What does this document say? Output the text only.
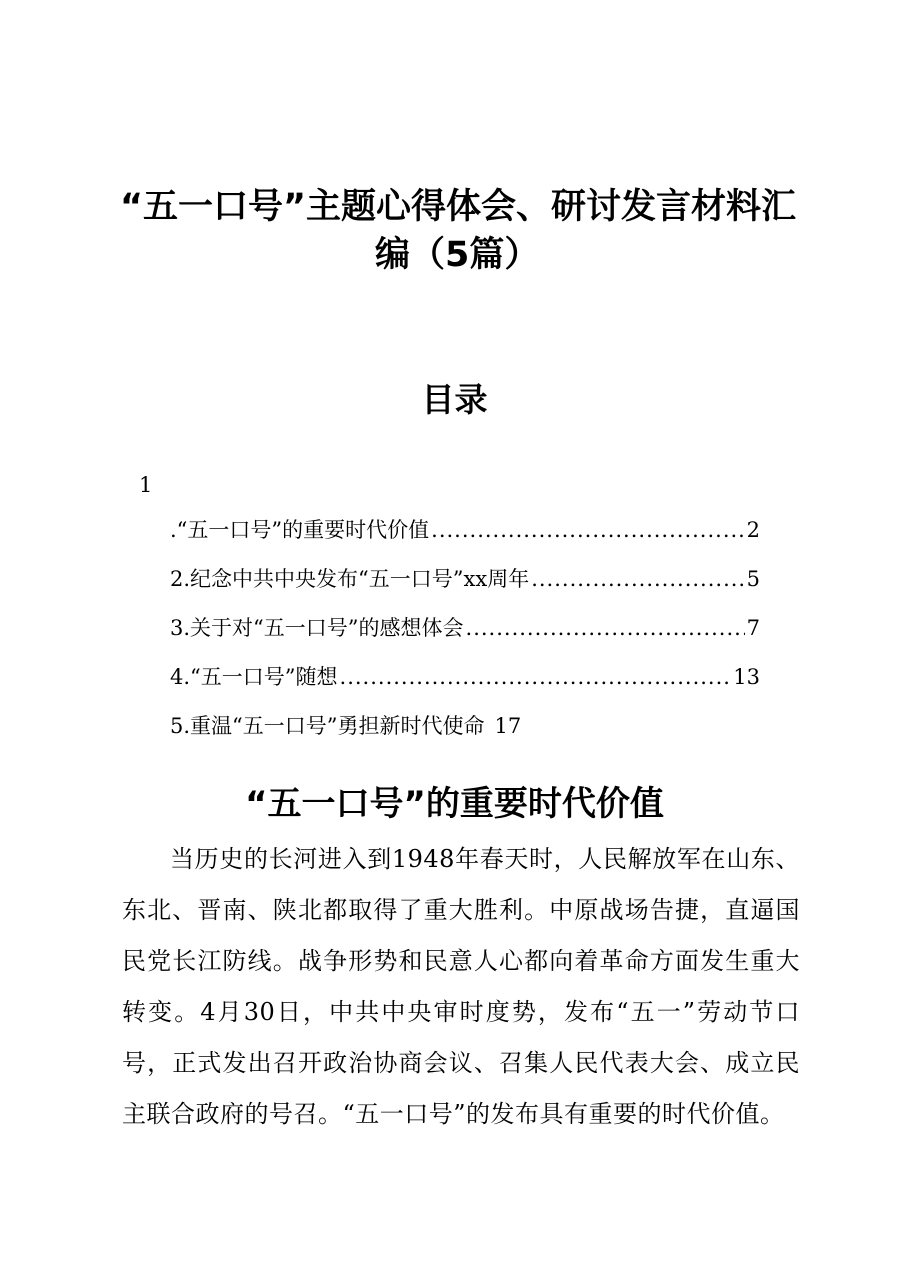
“五一口号”主题心得体会、研讨发言材料汇
编（5篇）
目录
1
.“五一口号”的重要时代价值 .....	2
2.纪念中共中央发布“五一口号”xx周年 .....	5
3.关于对“五一口号”的感想体会 .....	7
4.“五一口号”随想 .....	13
5.重温“五一口号”勇担新时代使命 17
“五一口号”的重要时代价值

当历史的长河进入到1948年春天时，人民解放军在山东、东北、晋南、陕北都取得了重大胜利。中原战场告捷，直逼国民党长江防线。战争形势和民意人心都向着革命方面发生重大转变。4月30日，中共中央审时度势，发布“五一”劳动节口号，正式发出召开政治协商会议、召集人民代表大会、成立民主联合政府的号召。“五一口号”的发布具有重要的时代价值。
